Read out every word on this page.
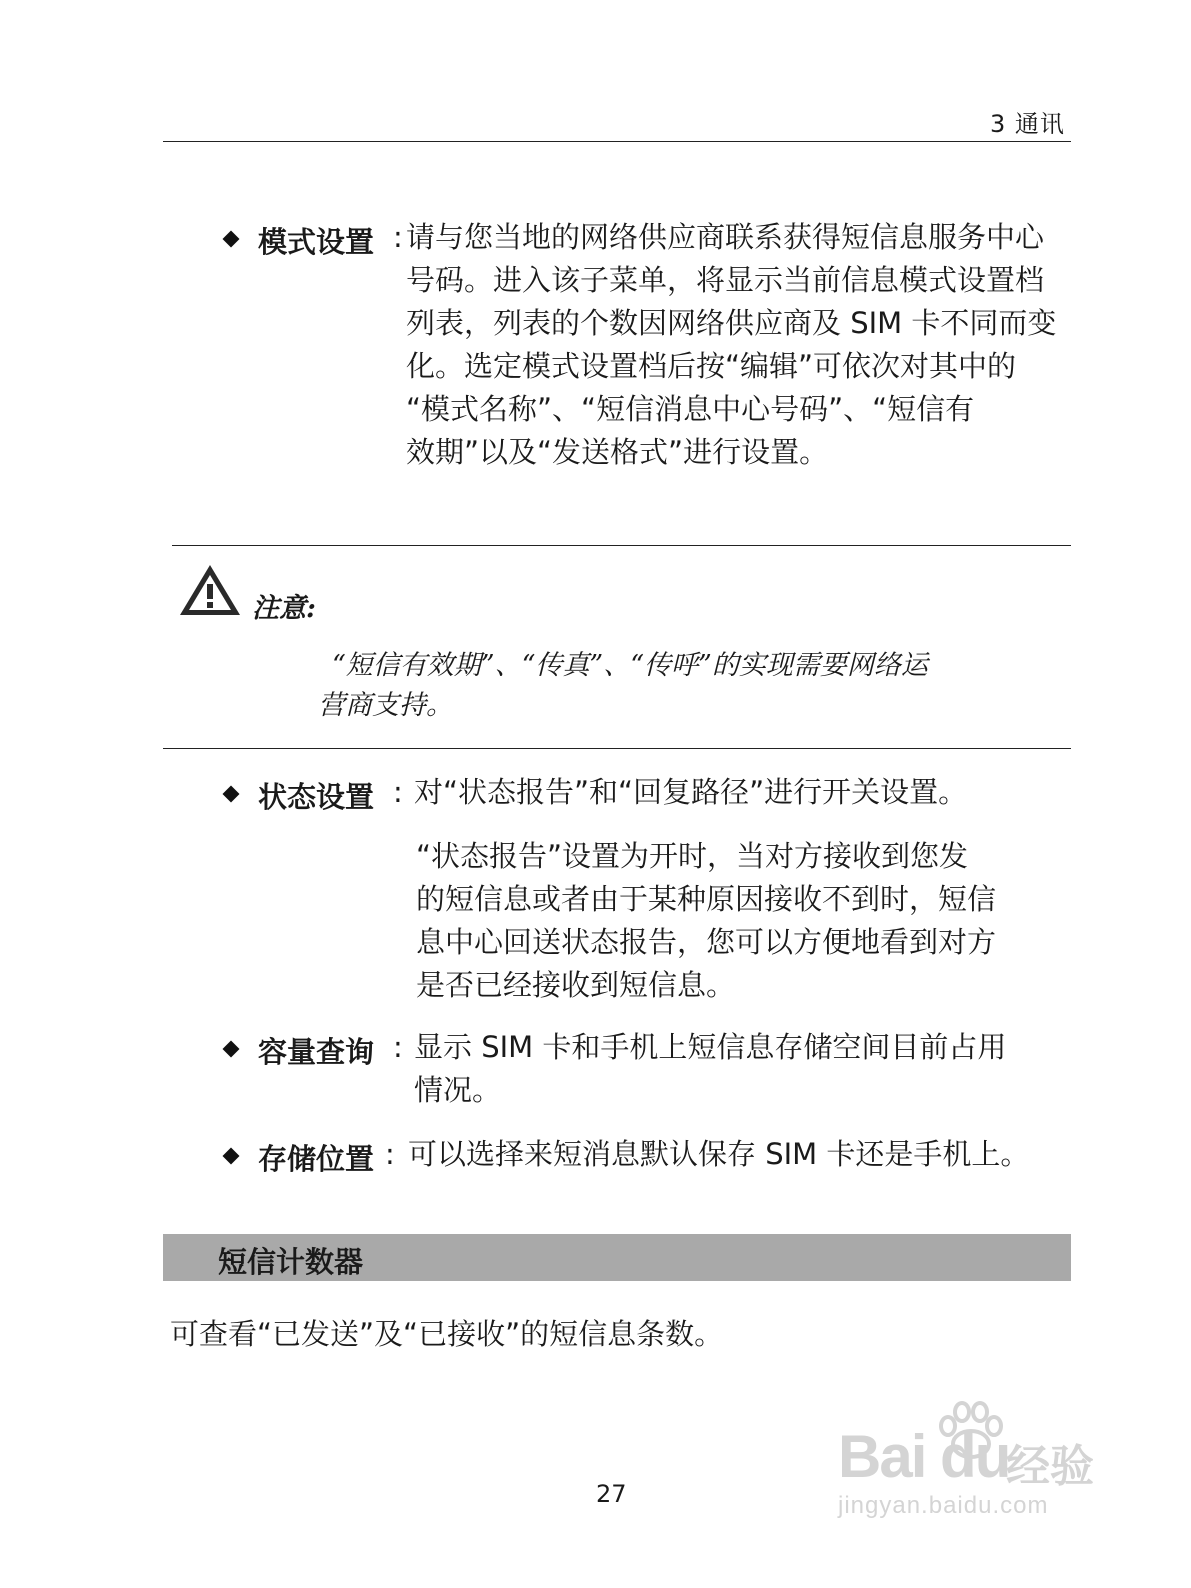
3 通讯
模式设置 : 请与您当地的网络供应商联系获得短信息服务中心
号码。进入该子菜单，将显示当前信息模式设置档
列表，列表的个数因网络供应商及 SIM 卡不同而变
化。选定模式设置档后按“编辑”可依次对其中的
“模式名称”、“短信消息中心号码”、“短信有
效期”以及“发送格式”进行设置。
注意:
“短信有效期”、“传真”、“传呼”的实现需要网络运
营商支持。
状态设置 : 对“状态报告”和“回复路径”进行开关设置。
“状态报告”设置为开时，当对方接收到您发
的短信息或者由于某种原因接收不到时，短信
息中心回送状态报告，您可以方便地看到对方
是否已经接收到短信息。
容量查询 : 显示 SIM 卡和手机上短信息存储空间目前占用
情况。
存储位置 : 可以选择来短消息默认保存 SIM 卡还是手机上。
短信计数器
可查看“已发送”及“已接收”的短信息条数。
27
Bai du
经验
jingyan.baidu.com
